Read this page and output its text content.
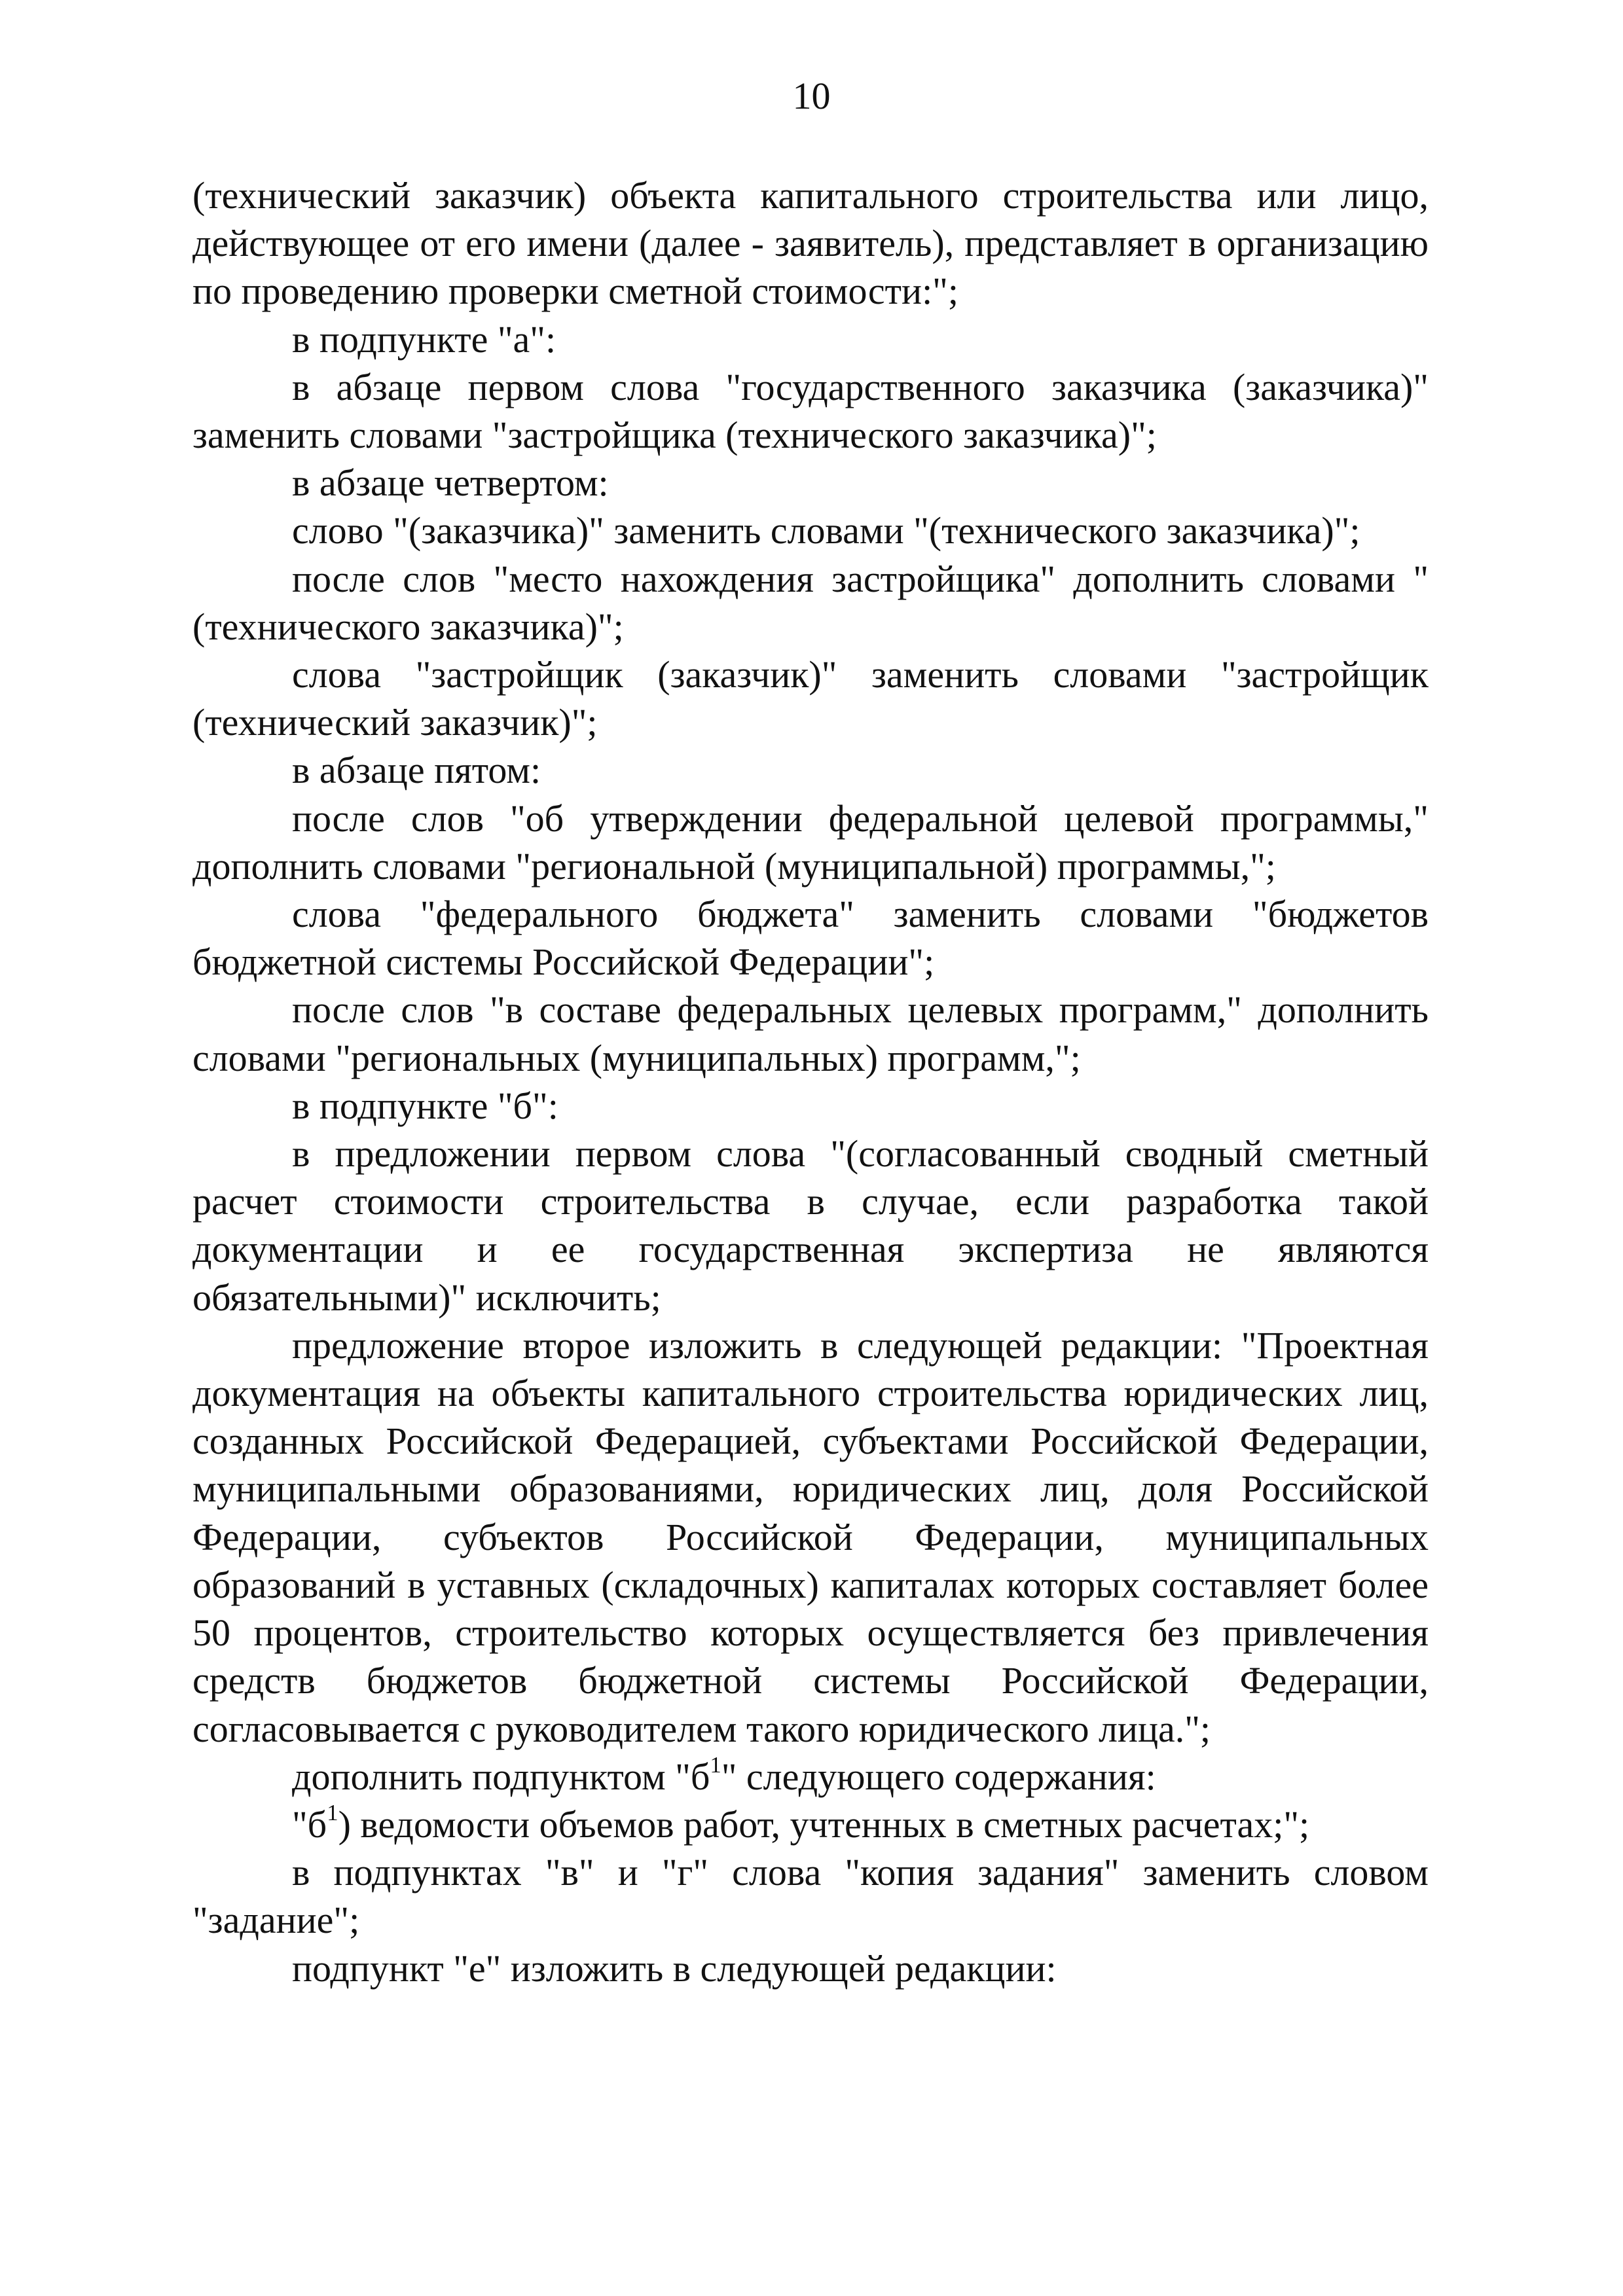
10

(технический заказчик) объекта капитального строительства или лицо, действующее от его имени (далее - заявитель), представляет в организацию по проведению проверки сметной стоимости:";

в подпункте "а":

в абзаце первом слова "государственного заказчика (заказчика)" заменить словами "застройщика (технического заказчика)";

в абзаце четвертом:

слово "(заказчика)" заменить словами "(технического заказчика)";

после слов "место нахождения застройщика" дополнить словами "(технического заказчика)";

слова "застройщик (заказчик)" заменить словами "застройщик (технический заказчик)";

в абзаце пятом:

после слов "об утверждении федеральной целевой программы," дополнить словами "региональной (муниципальной) программы,";

слова "федерального бюджета" заменить словами "бюджетов бюджетной системы Российской Федерации";

после слов "в составе федеральных целевых программ," дополнить словами "региональных (муниципальных) программ,";

в подпункте "б":

в предложении первом слова "(согласованный сводный сметный расчет стоимости строительства в случае, если разработка такой документации и ее государственная экспертиза не являются обязательными)" исключить;

предложение второе изложить в следующей редакции: "Проектная документация на объекты капитального строительства юридических лиц, созданных Российской Федерацией, субъектами Российской Федерации, муниципальными образованиями, юридических лиц, доля Российской Федерации, субъектов Российской Федерации, муниципальных образований в уставных (складочных) капиталах которых составляет более 50 процентов, строительство которых осуществляется без привлечения средств бюджетов бюджетной системы Российской Федерации, согласовывается с руководителем такого юридического лица.";

дополнить подпунктом "$б^1$" следующего содержания:

"$б^1$) ведомости объемов работ, учтенных в сметных расчетах;";

в подпунктах "в" и "г" слова "копия задания" заменить словом "задание";

подпункт "е" изложить в следующей редакции:
